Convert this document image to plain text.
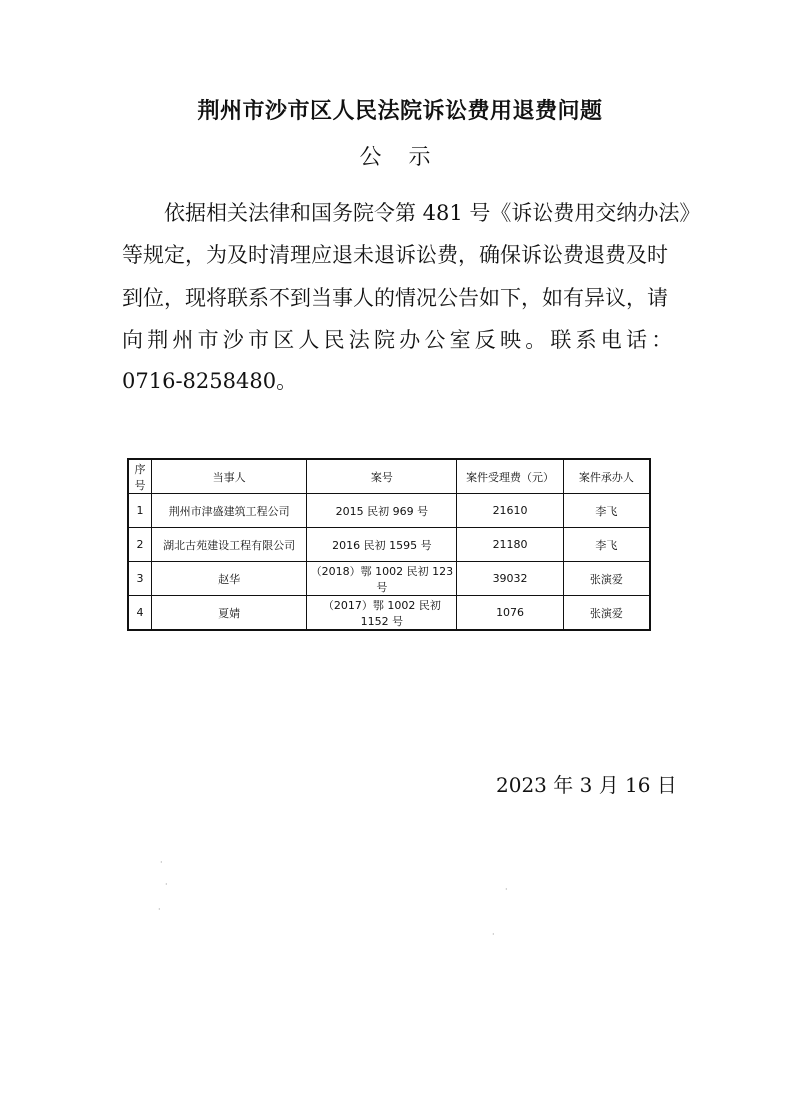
荆州市沙市区人民法院诉讼费用退费问题
公 示
依据相关法律和国务院令第 481 号《诉讼费用交纳办法》
等规定，为及时清理应退未退诉讼费，确保诉讼费退费及时
到位，现将联系不到当事人的情况公告如下，如有异议，请
向荆州市沙市区人民法院办公室反映。联系电话：
0716-8258480。
序号	当事人	案号	案件受理费（元）	案件承办人
1	荆州市津盛建筑工程公司	2015 民初 969 号	21610	李飞
2	湖北古苑建设工程有限公司	2016 民初 1595 号	21180	李飞
3	赵华	（2018）鄂 1002 民初 123 号	39032	张演爱
4	夏婧	（2017）鄂 1002 民初 1152 号	1076	张演爱
2023 年 3 月 16 日
·
·
·
·
·
